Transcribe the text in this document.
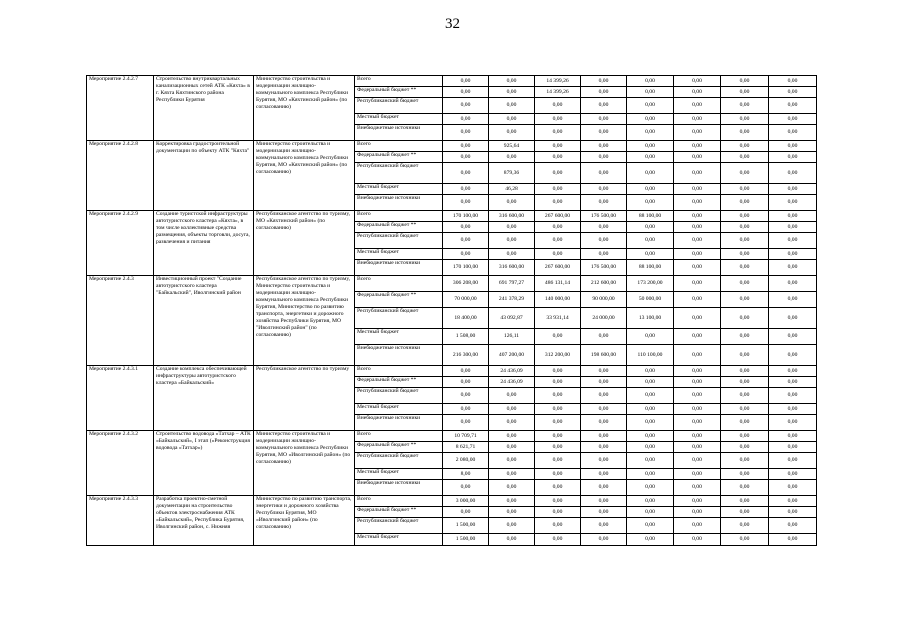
32
Мероприятие 2.4.2.7	Строительство внутриквартальных канализационных сетей АТК «Кяхта» в г. Кяхта Кяхтинского района Республики Бурятия	Министерство строительства и модернизации жилищно-коммунального комплекса Республики Бурятия, МО «Кяхтинский район» (по согласованию)	Всего	0,00	0,00	14 399,26	0,00	0,00	0,00	0,00	0,00
			Федеральный бюджет **	0,00	0,00	14 399,26	0,00	0,00	0,00	0,00	0,00
			Республиканский бюджет	0,00	0,00	0,00	0,00	0,00	0,00	0,00	0,00
			Местный бюджет	0,00	0,00	0,00	0,00	0,00	0,00	0,00	0,00
			Внебюджетные источники	0,00	0,00	0,00	0,00	0,00	0,00	0,00	0,00
Мероприятие 2.4.2.8	Корректировка градостроительной документации по объекту АТК "Кяхта"	Министерство строительства и модернизации жилищно-коммунального комплекса Республики Бурятия, МО «Кяхтинский район» (по согласованию)	Всего	0,00	925,64	0,00	0,00	0,00	0,00	0,00	0,00
			Федеральный бюджет **	0,00	0,00	0,00	0,00	0,00	0,00	0,00	0,00
			Республиканский бюджет	0,00	879,36	0,00	0,00	0,00	0,00	0,00	0,00
			Местный бюджет	0,00	46,28	0,00	0,00	0,00	0,00	0,00	0,00
			Внебюджетные источники	0,00	0,00	0,00	0,00	0,00	0,00	0,00	0,00
Мероприятие 2.4.2.9	Создание туристской инфраструктуры автотуристского кластера «Кяхта», в том числе коллективные средства размещения, объекты торговли, досуга, развлечения и питания	Республиканское агентство по туризму, МО «Кяхтинский район» (по согласованию)	Всего	170 100,00	316 600,00	267 600,00	176 500,00	88 100,00	0,00	0,00	0,00
			Федеральный бюджет **	0,00	0,00	0,00	0,00	0,00	0,00	0,00	0,00
			Республиканский бюджет	0,00	0,00	0,00	0,00	0,00	0,00	0,00	0,00
			Местный бюджет	0,00	0,00	0,00	0,00	0,00	0,00	0,00	0,00
			Внебюджетные источники	170 100,00	316 600,00	267 600,00	176 500,00	88 100,00	0,00	0,00	0,00
Мероприятие 2.4.3	Инвестиционный проект "Создание автотуристского кластера "Байкальский", Иволгинский район	Республиканское агентство по туризму, Министерство строительства и модернизации жилищно-коммунального комплекса Республики Бурятия, Министерство по развитию транспорта, энергетики и дорожного хозяйства Республики Бурятия, МО "Иволгинский район" (по согласованию)	Всего	306 208,00	691 797,27	486 131,14	212 600,00	173 200,00	0,00	0,00	0,00
			Федеральный бюджет **	70 000,00	241 378,29	140 000,00	90 000,00	50 000,00	0,00	0,00	0,00
			Республиканский бюджет	18 400,00	43 092,87	33 931,14	24 000,00	13 100,00	0,00	0,00	0,00
			Местный бюджет	1 508,00	126,11	0,00	0,00	0,00	0,00	0,00	0,00
			Внебюджетные источники	216 300,00	407 200,00	312 200,00	198 600,00	110 100,00	0,00	0,00	0,00
Мероприятие 2.4.3.1	Создание комплекса обеспечивающей инфраструктуры автотуристского кластера «Байкальский»	Республиканское агентство по туризму	Всего	0,00	24 436,09	0,00	0,00	0,00	0,00	0,00	0,00
			Федеральный бюджет **	0,00	24 436,09	0,00	0,00	0,00	0,00	0,00	0,00
			Республиканский бюджет	0,00	0,00	0,00	0,00	0,00	0,00	0,00	0,00
			Местный бюджет	0,00	0,00	0,00	0,00	0,00	0,00	0,00	0,00
			Внебюджетные источники	0,00	0,00	0,00	0,00	0,00	0,00	0,00	0,00
Мероприятие 2.4.3.2	Строительство водовода «Татхар – АТК «Байкальский», I этап («Реконструкция водовода «Татхар»)	Министерство строительства и модернизации жилищно-коммунального комплекса Республики Бурятия, МО «Иволгинский район» (по согласованию)	Всего	10 709,71	0,00	0,00	0,00	0,00	0,00	0,00	0,00
			Федеральный бюджет **	8 621,71	0,00	0,00	0,00	0,00	0,00	0,00	0,00
			Республиканский бюджет	2 080,00	0,00	0,00	0,00	0,00	0,00	0,00	0,00
			Местный бюджет	8,00	0,00	0,00	0,00	0,00	0,00	0,00	0,00
			Внебюджетные источники	0,00	0,00	0,00	0,00	0,00	0,00	0,00	0,00
Мероприятие 2.4.3.3	Разработка проектно-сметной документации на строительство объектов электроснабжения АТК «Байкальский», Республика Бурятия, Иволгинский район, с. Нижняя	Министерство по развитию транспорта, энергетики и дорожного хозяйства Республики Бурятия, МО «Иволгинский район» (по согласованию)	Всего	3 000,00	0,00	0,00	0,00	0,00	0,00	0,00	0,00
			Федеральный бюджет **	0,00	0,00	0,00	0,00	0,00	0,00	0,00	0,00
			Республиканский бюджет	1 500,00	0,00	0,00	0,00	0,00	0,00	0,00	0,00
			Местный бюджет	1 500,00	0,00	0,00	0,00	0,00	0,00	0,00	0,00
